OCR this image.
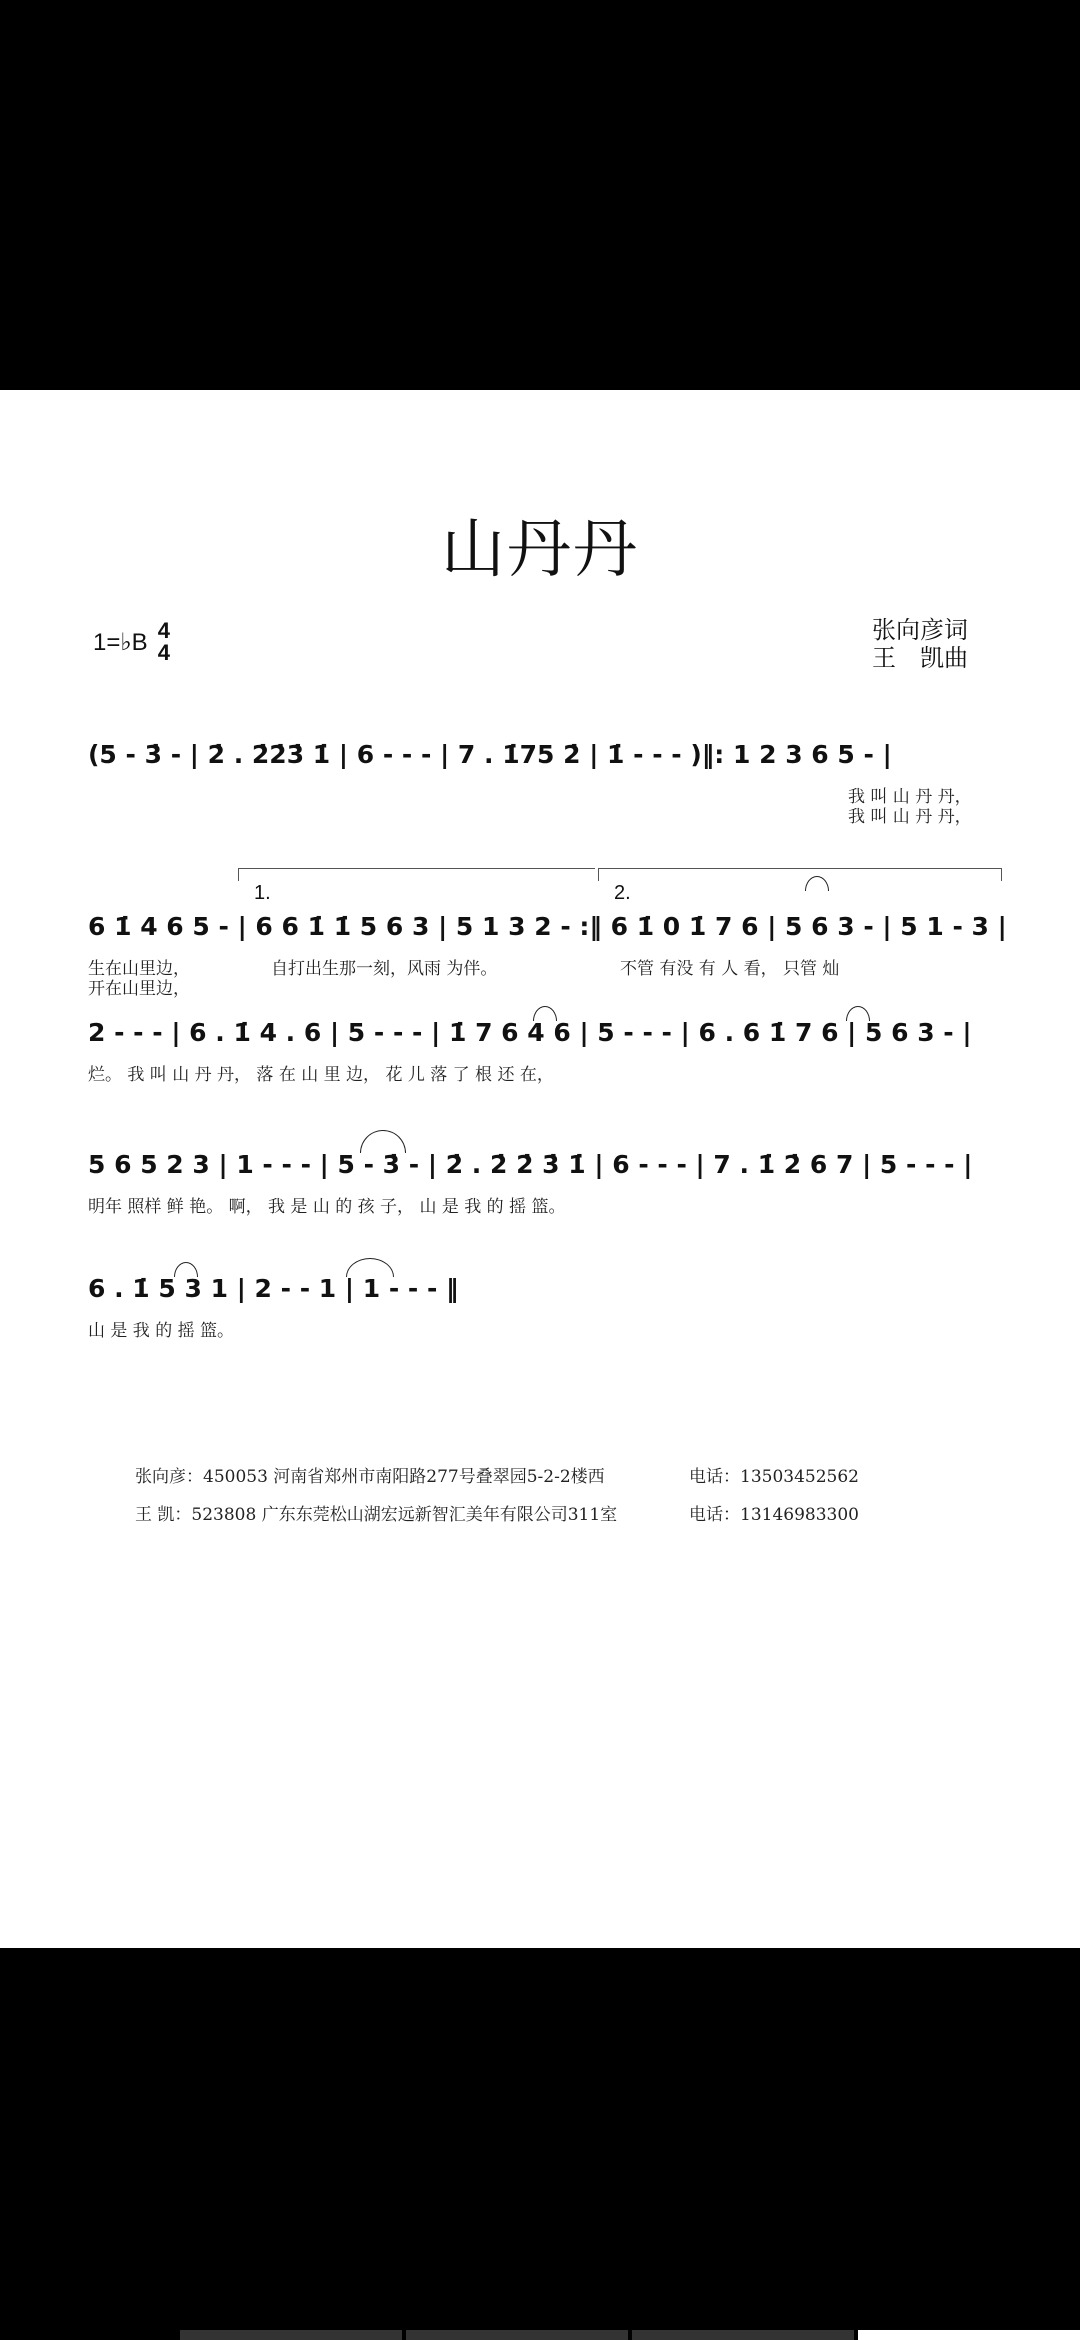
山丹丹
1=♭B 4
4
张向彦词
王　凯曲
(5 - 3̇ - | 2̇ . 2̇2̇3̇ 1̇ | 6 - - - | 7 . 1̇75 2̇ | 1̇ - - - )‖: 1 2 3 6 5 - |
我 叫 山 丹 丹，
我 叫 山 丹 丹，
1.	2.
6 1̇ 4 6 5 - | 6 6 1̇ 1̇ 5 6 3 | 5 1 3 2 - :‖ 6 1̇ 0 1̇ 7 6 | 5 6 3 - | 5 1 - 3 |
生在山里边，
开在山里边，
自打出生那一刻，风雨 为伴。	不管 有没 有 人 看， 只管 灿
2 - - - | 6 . 1̇ 4 . 6 | 5 - - - | 1̇ 7 6 4 6 | 5 - - - | 6 . 6 1̇ 7 6 | 5 6 3 - |
烂。 我 叫 山 丹 丹， 落 在 山 里 边， 花 儿 落 了 根 还 在，
5 6 5 2 3 | 1 - - - | 5 - 3̇ - | 2̇ . 2̇ 2̇ 3̇ 1̇ | 6 - - - | 7 . 1̇ 2̇ 6 7 | 5 - - - |
明年 照样 鲜 艳。 啊， 我 是 山 的 孩 子， 山 是 我 的 摇 篮。
6 . 1̇ 5 3 1 | 2 - - 1 | 1 - - - ‖
山 是 我 的 摇 篮。
张向彦：450053 河南省郑州市南阳路277号叠翠园5-2-2楼西	电话：13503452562
王 凯：523808 广东东莞松山湖宏远新智汇美年有限公司311室	电话：13146983300
